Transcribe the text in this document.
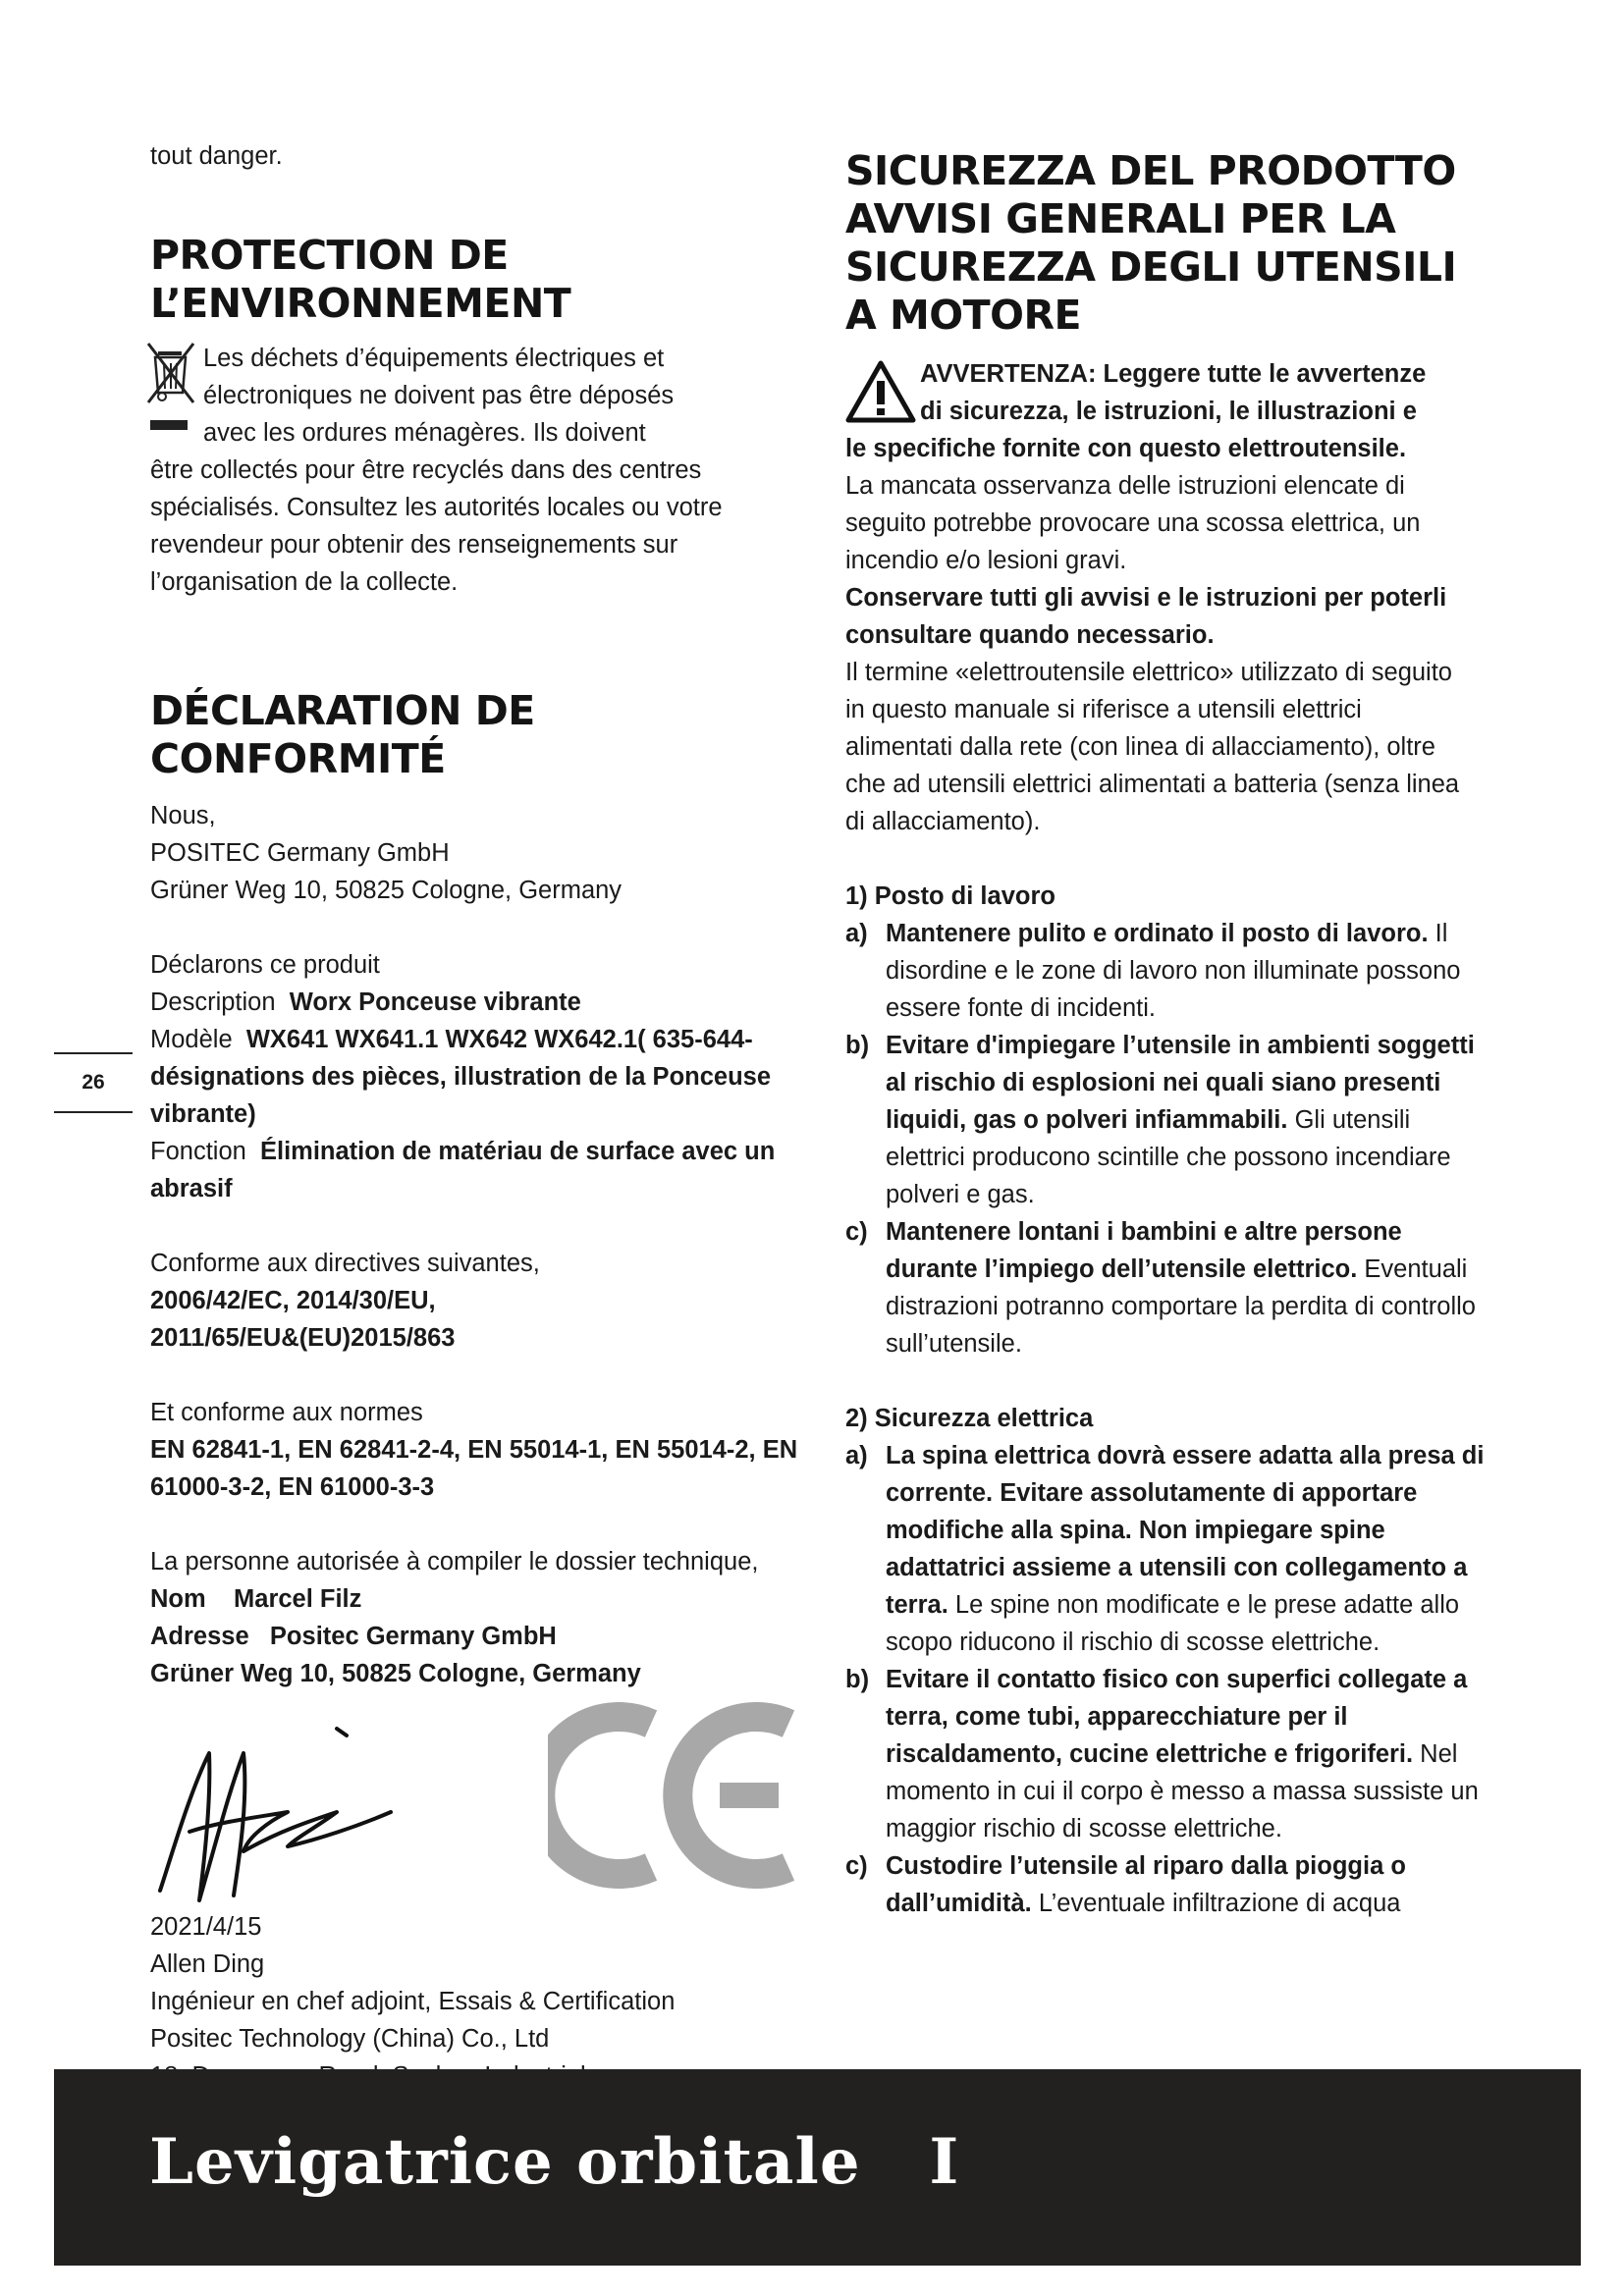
tout danger.

PROTECTION DE L’ENVIRONNEMENT

Les déchets d’équipements électriques et

électroniques ne doivent pas être déposés

avec les ordures ménagères. Ils doivent

être collectés pour être recyclés dans des centres

spécialisés. Consultez les autorités locales ou votre

revendeur pour obtenir des renseignements sur

l’organisation de la collecte.

DÉCLARATION DE CONFORMITÉ

Nous,

POSITEC Germany GmbH

Grüner Weg 10, 50825 Cologne, Germany

Déclarons ce produit

Description Worx Ponceuse vibrante

Modèle WX641 WX641.1 WX642 WX642.1( 635-644- désignations des pièces, illustration de la Ponceuse vibrante)

Fonction Élimination de matériau de surface avec un abrasif

Conforme aux directives suivantes,

2006/42/EC, 2014/30/EU, 2011/65/EU&(EU)2015/863

Et conforme aux normes

EN 62841-1, EN 62841-2-4, EN 55014-1, EN 55014-2, EN 61000-3-2, EN 61000-3-3

La personne autorisée à compiler le dossier technique,

Nom Marcel Filz

Adresse Positec Germany GmbH

Grüner Weg 10, 50825 Cologne, Germany

2021/4/15

Allen Ding

Ingénieur en chef adjoint, Essais & Certification

Positec Technology (China) Co., Ltd

26
SICUREZZA DEL PRODOTTO AVVISI GENERALI PER LA SICUREZZA DEGLI UTENSILI A MOTORE
AVVERTENZA: Leggere tutte le avvertenze
di sicurezza, le istruzioni, le illustrazioni e
le specifiche fornite con questo elettroutensile.

La mancata osservanza delle istruzioni elencate di seguito potrebbe provocare una scossa elettrica, un incendio e/o lesioni gravi.

Conservare tutti gli avvisi e le istruzioni per poterli consultare quando necessario.

Il termine «elettroutensile elettrico» utilizzato di seguito in questo manuale si riferisce a utensili elettrici alimentati dalla rete (con linea di allacciamento), oltre che ad utensili elettrici alimentati a batteria (senza linea di allacciamento).

1) Posto di lavoro

a) Mantenere pulito e ordinato il posto di lavoro. Il disordine e le zone di lavoro non illuminate possono essere fonte di incidenti.
b) Evitare d'impiegare l’utensile in ambienti soggetti al rischio di esplosioni nei quali siano presenti liquidi, gas o polveri infiammabili. Gli utensili elettrici producono scintille che possono incendiare polveri e gas.
c) Mantenere lontani i bambini e altre persone durante l’impiego dell’utensile elettrico. Eventuali distrazioni potranno comportare la perdita di controllo sull’utensile.

2) Sicurezza elettrica

a) La spina elettrica dovrà essere adatta alla presa di corrente. Evitare assolutamente di apportare modifiche alla spina. Non impiegare spine adattatrici assieme a utensili con collegamento a terra. Le spine non modificate e le prese adatte allo scopo riducono il rischio di scosse elettriche.
b) Evitare il contatto fisico con superfici collegate a terra, come tubi, apparecchiature per il riscaldamento, cucine elettriche e frigoriferi. Nel momento in cui il corpo è messo a massa sussiste un maggior rischio di scosse elettriche.
c) Custodire l’utensile al riparo dalla pioggia o dall’umidità. L’eventuale infiltrazione di acqua
Levigatrice orbitale   I
